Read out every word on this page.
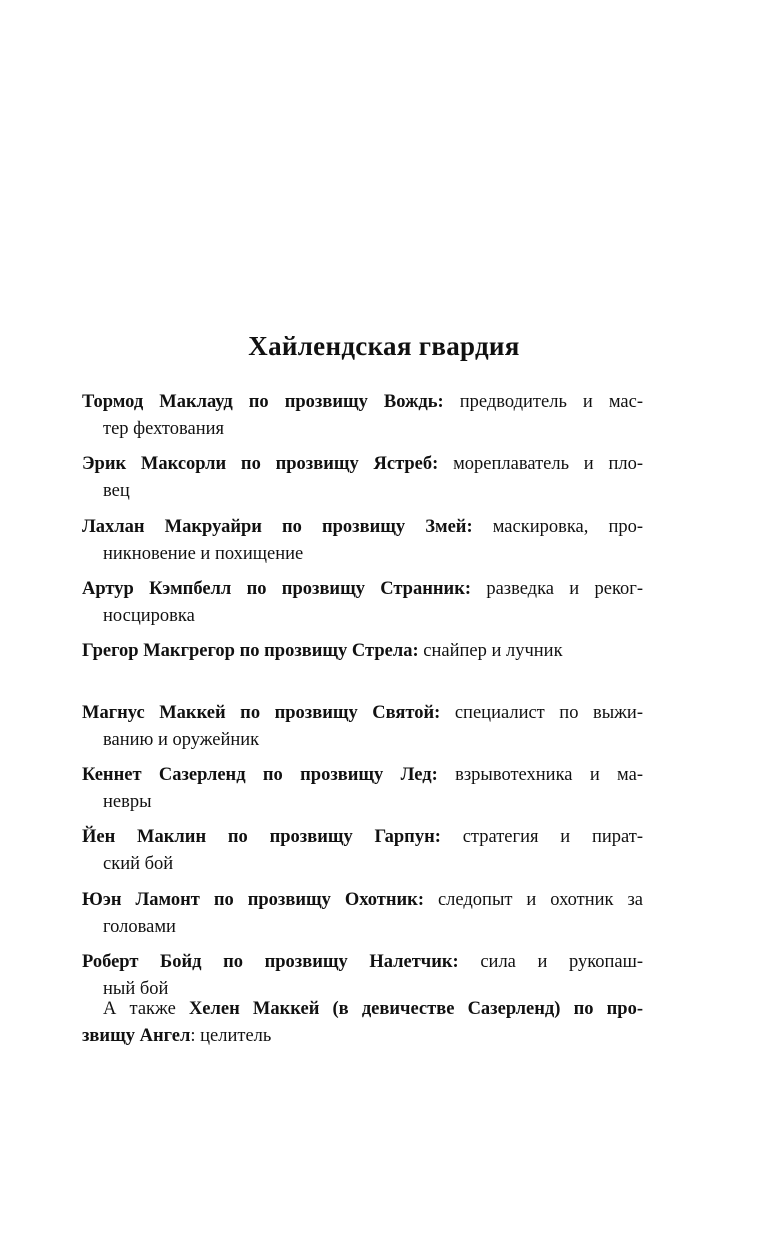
Хайлендская гвардия
Тормод Маклауд по прозвищу Вождь: предводитель и мас-
тер фехтования
Эрик Максорли по прозвищу Ястреб: мореплаватель и пло-
вец
Лахлан Макруайри по прозвищу Змей: маскировка, про-
никновение и похищение
Артур Кэмпбелл по прозвищу Странник: разведка и реког-
носцировка
Грегор Макгрегор по прозвищу Стрела: снайпер и лучник
Магнус Маккей по прозвищу Святой: специалист по выжи-
ванию и оружейник
Кеннет Сазерленд по прозвищу Лед: взрывотехника и ма-
невры
Йен Маклин по прозвищу Гарпун: стратегия и пират-
ский бой
Юэн Ламонт по прозвищу Охотник: следопыт и охотник за
головами
Роберт Бойд по прозвищу Налетчик: сила и рукопаш-
ный бой
А также Хелен Маккей (в девичестве Сазерленд) по про-
звищу Ангел: целитель
